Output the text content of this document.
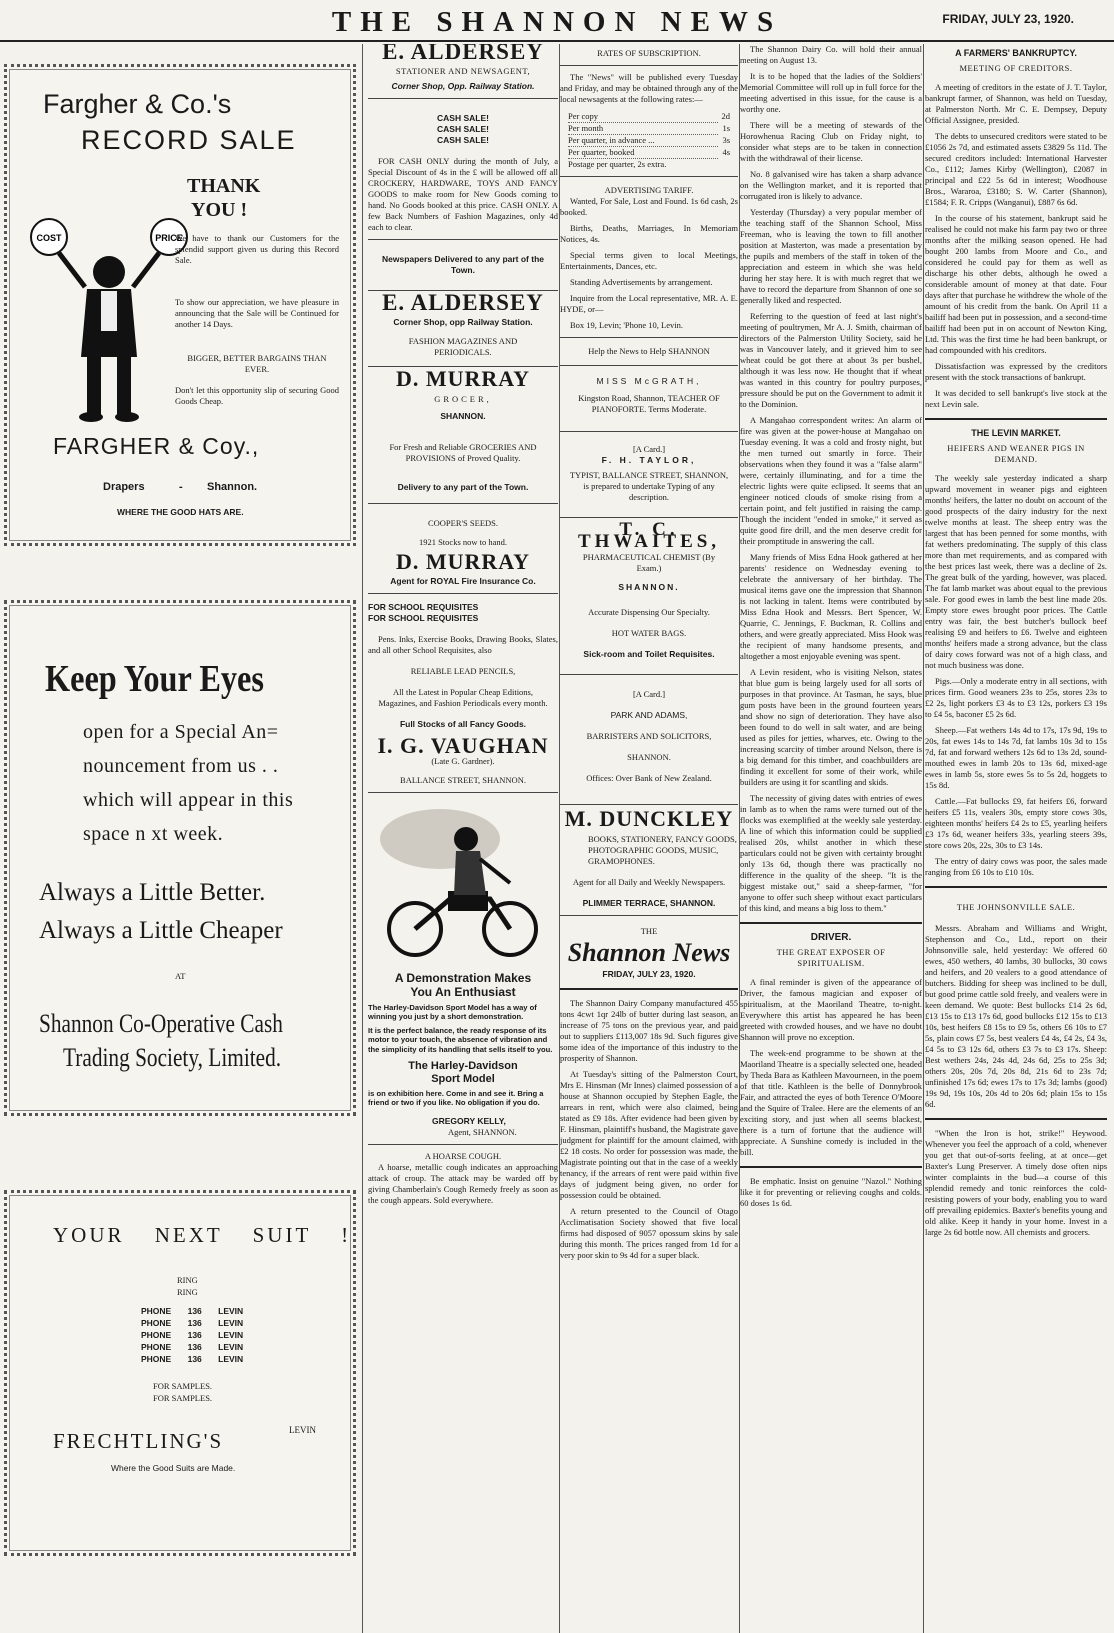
THE SHANNON NEWS	FRIDAY, JULY 23, 1920.
Fargher & Co.'s
RECORD SALE
THANK
YOU !
COST	PRICE
We have to thank our Customers for the splendid support given us during this Record Sale.
To show our appreciation, we have pleasure in announcing that the Sale will be Continued for another 14 Days.
BIGGER, BETTER BARGAINS THAN EVER.
Don't let this opportunity slip of securing Good Goods Cheap.
FARGHER & Coy.,
Drapers	- Shannon.
WHERE THE GOOD HATS ARE.
Keep Your Eyes
open for a Special An=
nouncement from us . .
which will appear in this
space n xt week.
Always a Little Better.
Always a Little Cheaper
AT
Shannon Co-Operative Cash
Trading Society, Limited.
YOUR NEXT SUIT !
RING
RING
PHONE 136 LEVIN
PHONE 136 LEVIN
PHONE 136 LEVIN
PHONE 136 LEVIN
PHONE 136 LEVIN
FOR SAMPLES.
FOR SAMPLES.
FRECHTLING'S	LEVIN
Where the Good Suits are Made.
E. ALDERSEY
STATIONER AND NEWSAGENT,
Corner Shop, Opp. Railway Station.
CASH SALE!
CASH SALE!
CASH SALE!

FOR CASH ONLY during the month of July, a Special Discount of 4s in the £ will be allowed off all CROCKERY, HARDWARE, TOYS AND FANCY GOODS to make room for New Goods coming to hand. No Goods booked at this price. CASH ONLY. A few Back Numbers of Fashion Magazines, only 4d each to clear.

Newspapers Delivered to any part of the Town.
E. ALDERSEY
Corner Shop, opp Railway Station.
FASHION MAGAZINES AND PERIODICALS.
D. MURRAY
GROCER,
SHANNON.
For Fresh and Reliable GROCERIES AND PROVISIONS of Proved Quality.
Delivery to any part of the Town.
COOPER'S SEEDS.
1921 Stocks now to hand.
D. MURRAY
Agent for ROYAL Fire Insurance Co.
FOR SCHOOL REQUISITES
FOR SCHOOL REQUISITES

Pens. Inks, Exercise Books, Drawing Books, Slates, and all other School Requisites, also

RELIABLE LEAD PENCILS,
All the Latest in Popular Cheap Editions, Magazines, and Fashion Periodicals every month.
Full Stocks of all Fancy Goods.
I. G. VAUGHAN
(Late G. Gardner).
BALLANCE STREET, SHANNON.
A Demonstration Makes
You An Enthusiast
The Harley-Davidson Sport Model has a way of winning you just by a short demonstration.
It is the perfect balance, the ready response of its motor to your touch, the absence of vibration and the simplicity of its handling that sells itself to you.
The Harley-Davidson
Sport Model
is on exhibition here. Come in and see it. Bring a friend or two if you like. No obligation if you do.
GREGORY KELLY,
Agent, SHANNON.
A HOARSE COUGH.

A hoarse, metallic cough indicates an approaching attack of croup. The attack may be warded off by giving Chamberlain's Cough Remedy freely as soon as the cough appears. Sold everywhere.

RATES OF SUBSCRIPTION.

The "News" will be published every Tuesday and Friday, and may be obtained through any of the local newsagents at the following rates:—

Per copy	2d
Per month	1s
Per quarter, in advance ...	3s
Per quarter, booked	4s
Postage per quarter, 2s extra.
ADVERTISING TARIFF.

Wanted, For Sale, Lost and Found. 1s 6d cash, 2s booked.

Births, Deaths, Marriages, In Memoriam Notices, 4s.

Special terms given to local Meetings, Entertainments, Dances, etc.

Standing Advertisements by arrangement.

Inquire from the Local representative, MR. A. E. HYDE, or—

Box 19, Levin; 'Phone 10, Levin.

Help the News to Help SHANNON
MISS McGRATH,
Kingston Road, Shannon, TEACHER OF PIANOFORTE. Terms Moderate.
[A Card.]
F. H. TAYLOR,
TYPIST, BALLANCE STREET, SHANNON, is prepared to undertake Typing of any description.
T. C. THWAITES,
PHARMACEUTICAL CHEMIST (By Exam.)
SHANNON.
Accurate Dispensing Our Specialty.
HOT WATER BAGS.
Sick-room and Toilet Requisites.
[A Card.]
PARK AND ADAMS,
BARRISTERS AND SOLICITORS,
SHANNON.
Offices: Over Bank of New Zealand.
M. DUNCKLEY
BOOKS, STATIONERY, FANCY GOODS, PHOTOGRAPHIC GOODS, MUSIC, GRAMOPHONES.
Agent for all Daily and Weekly Newspapers.
PLIMMER TERRACE, SHANNON.
THE
Shannon News
FRIDAY, JULY 23, 1920.

The Shannon Dairy Company manufactured 455 tons 4cwt 1qr 24lb of butter during last season, an increase of 75 tons on the previous year, and paid out to suppliers £113,007 18s 9d. Such figures give some idea of the importance of this industry to the prosperity of Shannon.

At Tuesday's sitting of the Palmerston Court, Mrs E. Hinsman (Mr Innes) claimed possession of a house at Shannon occupied by Stephen Eagle, the arrears in rent, which were also claimed, being stated as £9 18s. After evidence had been given by F. Hinsman, plaintiff's husband, the Magistrate gave judgment for plaintiff for the amount claimed, with £2 18 costs. No order for possession was made, the Magistrate pointing out that in the case of a weekly tenancy, if the arrears of rent were paid within five days of judgment being given, no order for possession could be obtained.

A return presented to the Council of Otago Acclimatisation Society showed that five local firms had disposed of 9057 opossum skins by sale during this month. The prices ranged from 1d for a very poor skin to 9s 4d for a super black.

The Shannon Dairy Co. will hold their annual meeting on August 13.

It is to be hoped that the ladies of the Soldiers' Memorial Committee will roll up in full force for the meeting advertised in this issue, for the cause is a worthy one.

There will be a meeting of stewards of the Horowhenua Racing Club on Friday night, to consider what steps are to be taken in connection with the withdrawal of their license.

No. 8 galvanised wire has taken a sharp advance on the Wellington market, and it is reported that corrugated iron is likely to advance.

Yesterday (Thursday) a very popular member of the teaching staff of the Shannon School, Miss Freeman, who is leaving the town to fill another position at Masterton, was made a presentation by the pupils and members of the staff in token of the appreciation and esteem in which she was held during her stay here. It is with much regret that we have to record the departure from Shannon of one so generally liked and respected.

Referring to the question of feed at last night's meeting of poultrymen, Mr A. J. Smith, chairman of directors of the Palmerston Utility Society, said he was in Vancouver lately, and it grieved him to see wheat could be got there at about 3s per bushel, although it was less now. He thought that if wheat was wanted in this country for poultry purposes, pressure should be put on the Government to admit it to the Dominion.

A Mangahao correspondent writes: An alarm of fire was given at the power-house at Mangahao on Tuesday evening. It was a cold and frosty night, but the men turned out smartly in force. Their observations when they found it was a "false alarm" were, certainly illuminating, and for a time the electric lights were quite eclipsed. It seems that an engineer noticed clouds of smoke rising from a certain point, and felt justified in raising the camp. Though the incident "ended in smoke," it served as quite good fire drill, and the men deserve credit for their promptitude in answering the call.

Many friends of Miss Edna Hook gathered at her parents' residence on Wednesday evening to celebrate the anniversary of her birthday. The musical items gave one the impression that Shannon is not lacking in talent. Items were contributed by Miss Edna Hook and Messrs. Bert Spencer, W. Quarrie, C. Jennings, F. Buckman, R. Collins and others, and were greatly appreciated. Miss Hook was the recipient of many handsome presents, and altogether a most enjoyable evening was spent.

A Levin resident, who is visiting Nelson, states that blue gum is being largely used for all sorts of purposes in that province. At Tasman, he says, blue gum posts have been in the ground fourteen years and show no sign of deterioration. They have also been found to do well in salt water, and are being used as piles for jetties, wharves, etc. Owing to the increasing scarcity of timber around Nelson, there is a big demand for this timber, and coachbuilders are finding it excellent for some of their work, while builders are using it for scantling and skids.

The necessity of giving dates with entries of ewes in lamb as to when the rams were turned out of the flocks was exemplified at the weekly sale yesterday. A line of which this information could be supplied realised 20s, whilst another in which these particulars could not be given with certainty brought only 13s 6d, though there was practically no difference in the quality of the sheep. "It is the biggest mistake out," said a sheep-farmer, "for anyone to offer such sheep without exact particulars of this kind, and means a big loss to them."

DRIVER.
THE GREAT EXPOSER OF SPIRITUALISM.

A final reminder is given of the appearance of Driver, the famous magician and exposer of spiritualism, at the Maoriland Theatre, to-night. Everywhere this artist has appeared he has been greeted with crowded houses, and we have no doubt Shannon will prove no exception.

The week-end programme to be shown at the Maoriland Theatre is a specially selected one, headed by Theda Bara as Kathleen Mavourneen, in the poem of that title. Kathleen is the belle of Donnybrook Fair, and attracted the eyes of both Terence O'Moore and the Squire of Tralee. Here are the elements of an exciting story, and just when all seems blackest, there is a turn of fortune that the audience will appreciate. A Sunshine comedy is included in the bill.

Be emphatic. Insist on genuine "Nazol." Nothing like it for preventing or relieving coughs and colds. 60 doses 1s 6d.

A FARMERS' BANKRUPTCY.
MEETING OF CREDITORS.

A meeting of creditors in the estate of J. T. Taylor, bankrupt farmer, of Shannon, was held on Tuesday, at Palmerston North. Mr C. E. Dempsey, Deputy Official Assignee, presided.

The debts to unsecured creditors were stated to be £1056 2s 7d, and estimated assets £3829 5s 11d. The secured creditors included: International Harvester Co., £112; James Kirby (Wellington), £2087 in principal and £22 5s 6d in interest; Woodhouse Bros., Wararoa, £3180; S. W. Carter (Shannon), £1584; F. R. Cripps (Wanganui), £887 6s 6d.

In the course of his statement, bankrupt said he realised he could not make his farm pay two or three months after the milking season opened. He had bought 200 lambs from Moore and Co., and considered he could pay for them as well as discharge his other debts, although he owed a considerable amount of money at that date. Four days after that purchase he withdrew the whole of the amount of his credit from the bank. On April 11 a bailiff had been put in possession, and a second-time bailiff had been put in on account of Newton King, Ltd. This was the first time he had been bankrupt, or had compounded with his creditors.

Dissatisfaction was expressed by the creditors present with the stock transactions of bankrupt.

It was decided to sell bankrupt's live stock at the next Levin sale.

THE LEVIN MARKET.
HEIFERS AND WEANER PIGS IN DEMAND.

The weekly sale yesterday indicated a sharp upward movement in weaner pigs and eighteen months' heifers, the latter no doubt on account of the good prospects of the dairy industry for the next twelve months at least. The sheep entry was the largest that has been penned for some months, with fat wethers predominating. The supply of this class more than met requirements, and as compared with the best prices last week, there was a decline of 2s. The great bulk of the yarding, however, was placed. The fat lamb market was about equal to the previous sale. For good ewes in lamb the best line made 20s. Empty store ewes brought poor prices. The Cattle entry was fair, the best butcher's bullock beef realising £9 and heifers to £6. Twelve and eighteen months' heifers made a strong advance, but the class of dairy cows forward was not of a high class, and not much business was done.

Pigs.—Only a moderate entry in all sections, with prices firm. Good weaners 23s to 25s, stores 23s to £2 2s, light porkers £3 4s to £3 12s, porkers £3 19s to £4 5s, baconer £5 2s 6d.

Sheep.—Fat wethers 14s 4d to 17s, 17s 9d, 19s to 20s, fat ewes 14s to 14s 7d, fat lambs 10s 3d to 15s 7d, fat and forward wethers 12s 6d to 13s 2d, sound-mouthed ewes in lamb 20s to 13s 6d, mixed-age ewes in lamb 5s, store ewes 5s to 5s 2d, hoggets to 15s 8d.

Cattle.—Fat bullocks £9, fat heifers £6, forward heifers £5 11s, vealers 30s, empty store cows 30s, eighteen months' heifers £4 2s to £5, yearling heifers £3 17s 6d, weaner heifers 33s, yearling steers 39s, store cows 20s, 22s, 30s to £3 14s.

The entry of dairy cows was poor, the sales made ranging from £6 10s to £10 10s.

THE JOHNSONVILLE SALE.

Messrs. Abraham and Williams and Wright, Stephenson and Co., Ltd., report on their Johnsonville sale, held yesterday: We offered 60 ewes, 450 wethers, 40 lambs, 30 bullocks, 30 cows and heifers, and 20 vealers to a good attendance of butchers. Bidding for sheep was inclined to be dull, but good prime cattle sold freely, and vealers were in keen demand. We quote: Best bullocks £14 2s 6d, £13 15s to £13 17s 6d, good bullocks £12 15s to £13 10s, best heifers £8 15s to £9 5s, others £6 10s to £7 5s, plain cows £7 5s, best vealers £4 4s, £4 2s, £4 3s, £4 5s to £3 12s 6d, others £3 7s to £3 17s. Sheep: Best wethers 24s, 24s 4d, 24s 6d, 25s to 25s 3d; others 20s, 20s 7d, 20s 8d, 21s 6d to 23s 7d; unfinished 17s 6d; ewes 17s to 17s 3d; lambs (good) 19s 9d, 19s 10s, 20s 4d to 20s 6d; plain 15s to 15s 6d.

"When the Iron is hot, strike!" Heywood. Whenever you feel the approach of a cold, whenever you get that out-of-sorts feeling, at at once—get Baxter's Lung Preserver. A timely dose often nips winter complaints in the bud—a course of this splendid remedy and tonic reinforces the cold-resisting powers of your body, enabling you to ward off prevailing epidemics. Baxter's benefits young and old alike. Keep it handy in your home. Invest in a large 2s 6d bottle now. All chemists and grocers.
